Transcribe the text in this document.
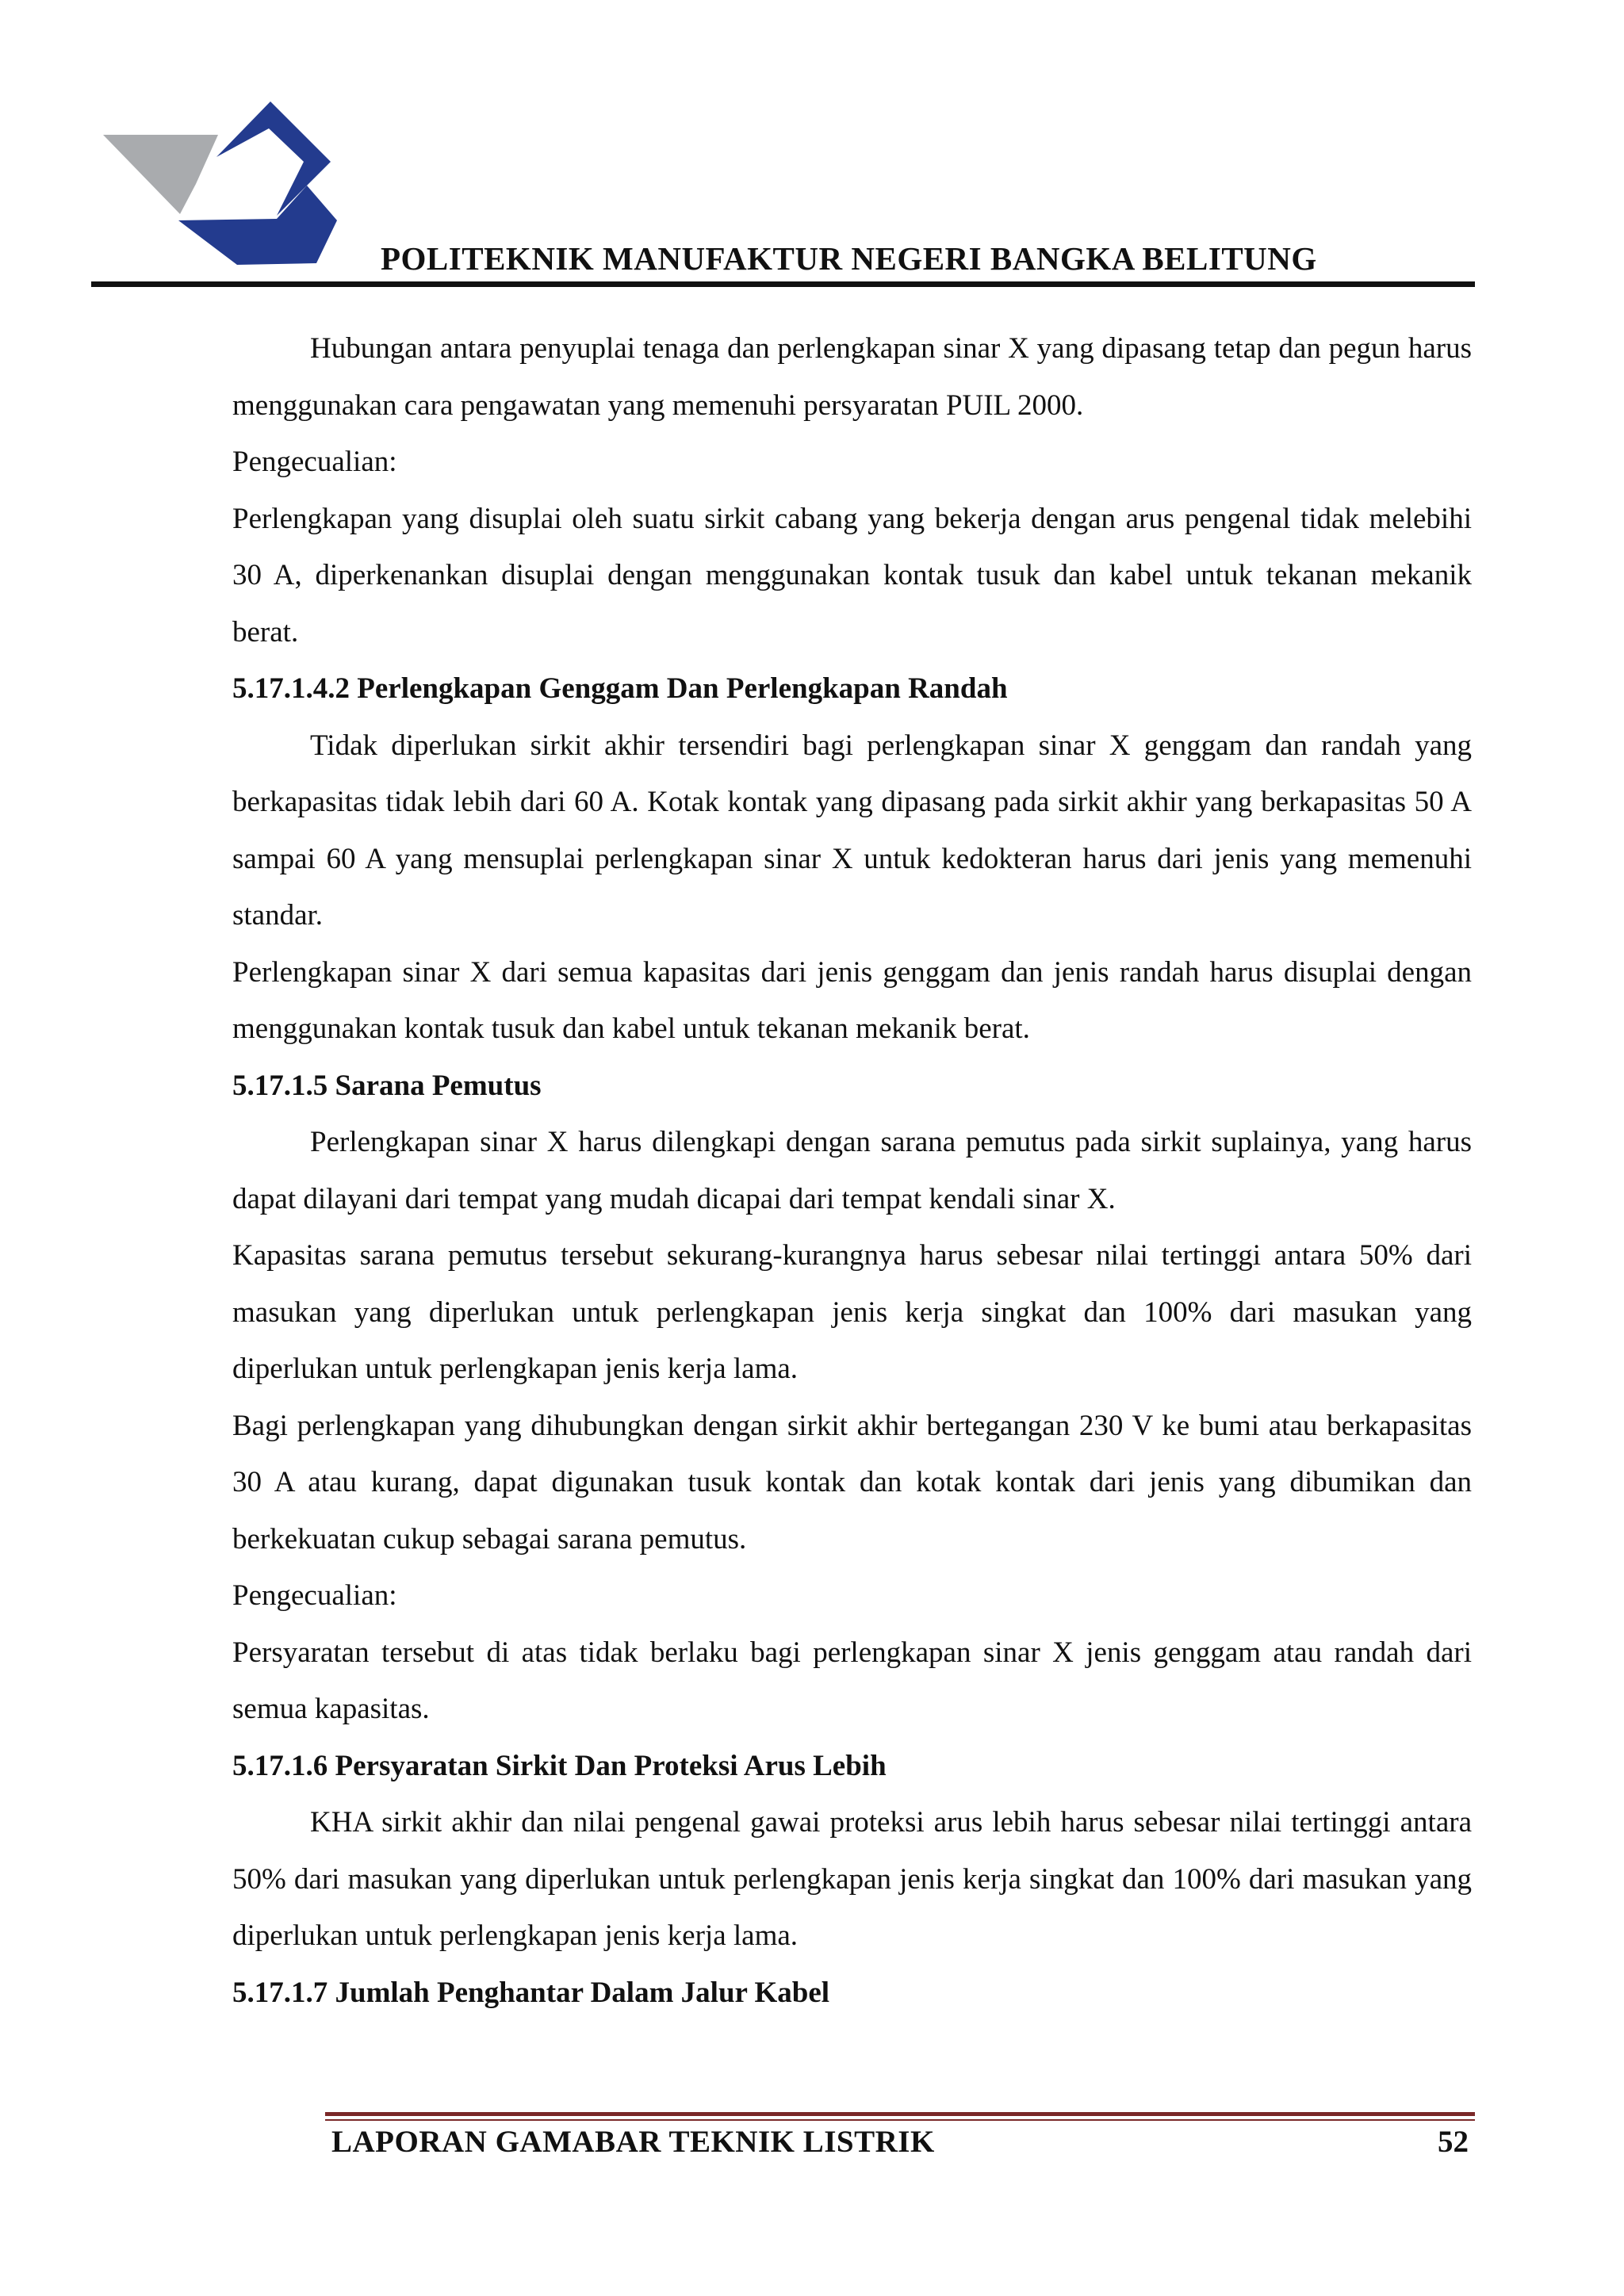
POLITEKNIK MANUFAKTUR NEGERI BANGKA BELITUNG

Hubungan antara penyuplai tenaga dan perlengkapan sinar X yang dipasang tetap dan pegun harus menggunakan cara pengawatan yang memenuhi persyaratan PUIL 2000.

Pengecualian:

Perlengkapan yang disuplai oleh suatu sirkit cabang yang bekerja dengan arus pengenal tidak melebihi 30 A, diperkenankan disuplai dengan menggunakan kontak tusuk dan kabel untuk tekanan mekanik berat.

5.17.1.4.2 Perlengkapan Genggam Dan Perlengkapan Randah

Tidak diperlukan sirkit akhir tersendiri bagi perlengkapan sinar X genggam dan randah yang berkapasitas tidak lebih dari 60 A. Kotak kontak yang dipasang pada sirkit akhir yang berkapasitas 50 A sampai 60 A yang mensuplai perlengkapan sinar X untuk kedokteran harus dari jenis yang memenuhi standar.

Perlengkapan sinar X dari semua kapasitas dari jenis genggam dan jenis randah harus disuplai dengan menggunakan kontak tusuk dan kabel untuk tekanan mekanik berat.

5.17.1.5 Sarana Pemutus

Perlengkapan sinar X harus dilengkapi dengan sarana pemutus pada sirkit suplainya, yang harus dapat dilayani dari tempat yang mudah dicapai dari tempat kendali sinar X.

Kapasitas sarana pemutus tersebut sekurang-kurangnya harus sebesar nilai tertinggi antara 50% dari masukan yang diperlukan untuk perlengkapan jenis kerja singkat dan 100% dari masukan yang diperlukan untuk perlengkapan jenis kerja lama.

Bagi perlengkapan yang dihubungkan dengan sirkit akhir bertegangan 230 V ke bumi atau berkapasitas 30 A atau kurang, dapat digunakan tusuk kontak dan kotak kontak dari jenis yang dibumikan dan berkekuatan cukup sebagai sarana pemutus.

Pengecualian:

Persyaratan tersebut di atas tidak berlaku bagi perlengkapan sinar X jenis genggam atau randah dari semua kapasitas.

5.17.1.6 Persyaratan Sirkit Dan Proteksi Arus Lebih

KHA sirkit akhir dan nilai pengenal gawai proteksi arus lebih harus sebesar nilai tertinggi antara 50% dari masukan yang diperlukan untuk perlengkapan jenis kerja singkat dan 100% dari masukan yang diperlukan untuk perlengkapan jenis kerja lama.

5.17.1.7 Jumlah Penghantar Dalam Jalur Kabel
LAPORAN GAMABAR TEKNIK LISTRIK	52
